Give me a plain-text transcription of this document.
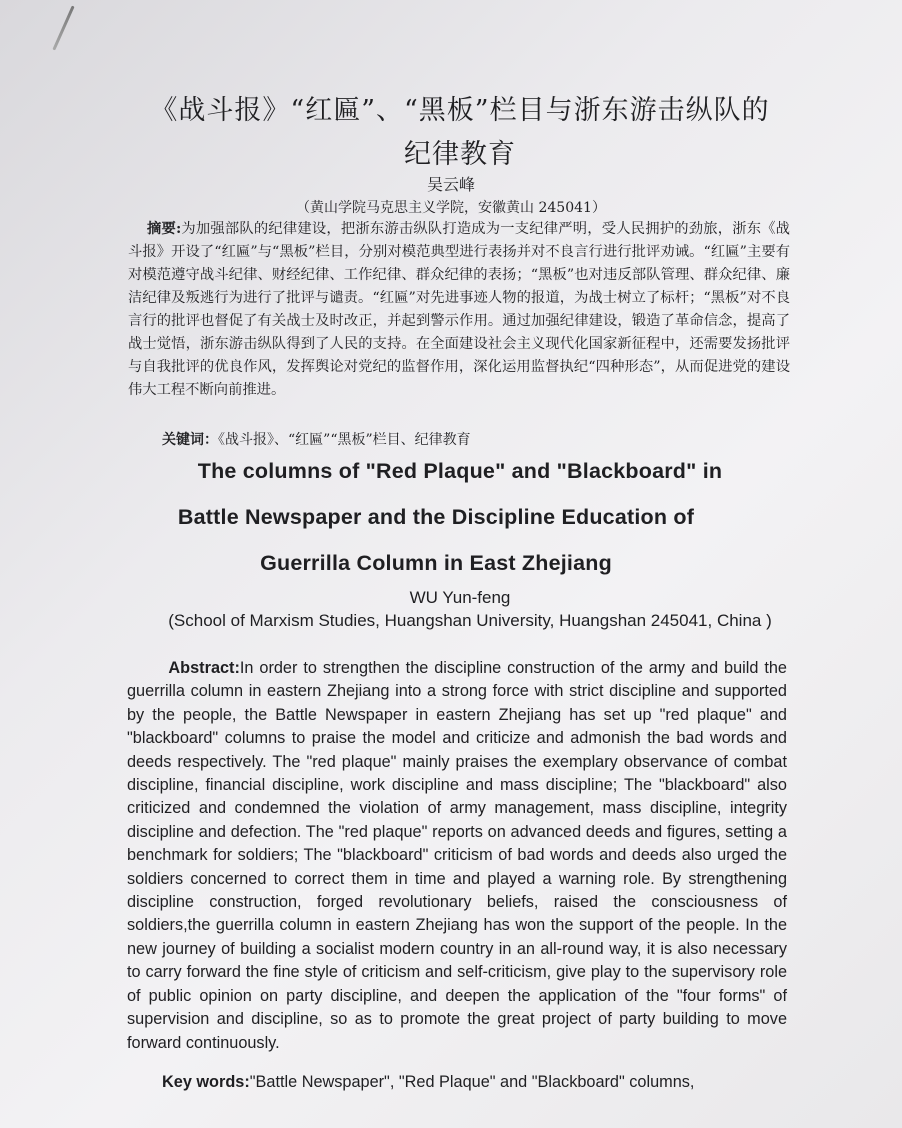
《战斗报》“红匾”、“黑板”栏目与浙东游击纵队的
纪律教育
吴云峰
（黄山学院马克思主义学院，安徽黄山 245041）
摘要:为加强部队的纪律建设，把浙东游击纵队打造成为一支纪律严明，受人民拥护的劲旅，浙东《战斗报》开设了“红匾”与“黑板”栏目，分别对模范典型进行表扬并对不良言行进行批评劝诫。“红匾”主要有对模范遵守战斗纪律、财经纪律、工作纪律、群众纪律的表扬；“黑板”也对违反部队管理、群众纪律、廉洁纪律及叛逃行为进行了批评与谴责。“红匾”对先进事迹人物的报道，为战士树立了标杆；“黑板”对不良言行的批评也督促了有关战士及时改正，并起到警示作用。通过加强纪律建设，锻造了革命信念，提高了战士觉悟，浙东游击纵队得到了人民的支持。在全面建设社会主义现代化国家新征程中，还需要发扬批评与自我批评的优良作风，发挥舆论对党纪的监督作用，深化运用监督执纪“四种形态”，从而促进党的建设伟大工程不断向前推进。
关键词：《战斗报》、“红匾”“黑板”栏目、纪律教育
The columns of "Red Plaque" and "Blackboard" in
Battle Newspaper and the Discipline Education of
Guerrilla Column in East Zhejiang
WU Yun-feng
(School of Marxism Studies, Huangshan University, Huangshan 245041, China )
Abstract:In order to strengthen the discipline construction of the army and build the guerrilla column in eastern Zhejiang into a strong force with strict discipline and supported by the people, the Battle Newspaper in eastern Zhejiang has set up "red plaque" and "blackboard" columns to praise the model and criticize and admonish the bad words and deeds respectively. The "red plaque" mainly praises the exemplary observance of combat discipline, financial discipline, work discipline and mass discipline; The "blackboard" also criticized and condemned the violation of army management, mass discipline, integrity discipline and defection. The "red plaque" reports on advanced deeds and figures, setting a benchmark for soldiers; The "blackboard" criticism of bad words and deeds also urged the soldiers concerned to correct them in time and played a warning role. By strengthening discipline construction, forged revolutionary beliefs, raised the consciousness of soldiers,the guerrilla column in eastern Zhejiang has won the support of the people. In the new journey of building a socialist modern country in an all-round way, it is also necessary to carry forward the fine style of criticism and self-criticism, give play to the supervisory role of public opinion on party discipline, and deepen the application of the "four forms" of supervision and discipline, so as to promote the great project of party building to move forward continuously.
Key words:"Battle Newspaper", "Red Plaque" and "Blackboard" columns,
